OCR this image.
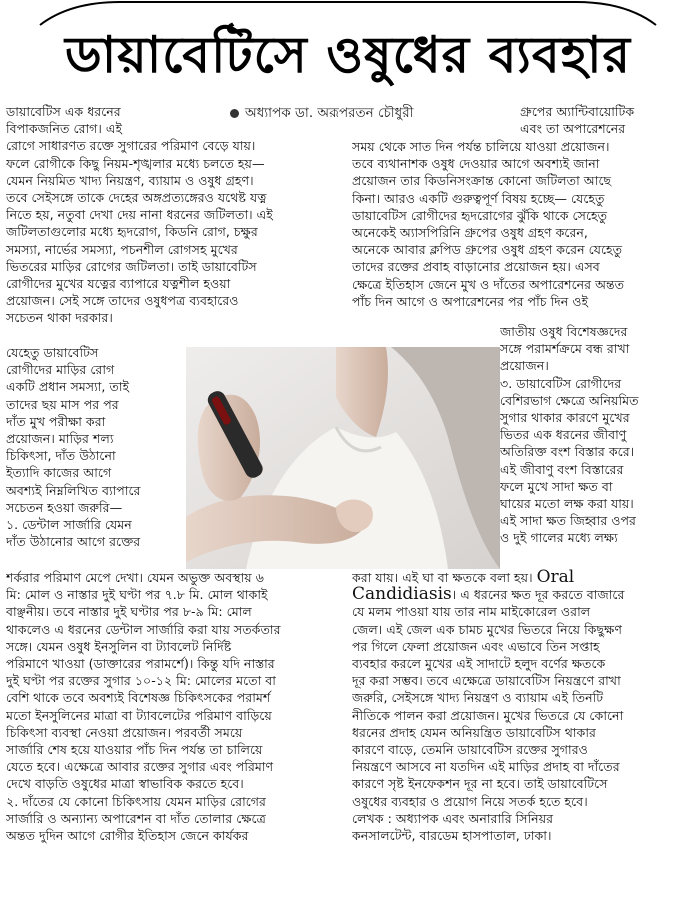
ডায়াবেটিসে ওষুধের ব্যবহার
অধ্যাপক ডা. অরূপরতন চৌধুরী
ডায়াবেটিস এক ধরনের
বিপাকজনিত রোগ। এই
রোগে সাধারণত রক্তে সুগারের পরিমাণ বেড়ে যায়।
ফলে রোগীকে কিছু নিয়ম-শৃঙ্খলার মধ্যে চলতে হয়—
যেমন নিয়মিত খাদ্য নিয়ন্ত্রণ, ব্যায়াম ও ওষুধ গ্রহণ।
তবে সেইসঙ্গে তাকে দেহের অঙ্গপ্রত্যঙ্গেরও যথেষ্ট যত্ন
নিতে হয়, নতুবা দেখা দেয় নানা ধরনের জটিলতা। এই
জটিলতাগুলোর মধ্যে হৃদরোগ, কিডনি রোগ, চক্ষুর
সমস্যা, নার্ভের সমস্যা, পচনশীল রোগসহ মুখের
ভিতরের মাড়ির রোগের জটিলতা। তাই ডায়াবেটিস
রোগীদের মুখের যত্নের ব্যাপারে যত্নশীল হওয়া
প্রয়োজন। সেই সঙ্গে তাদের ওষুধপত্র ব্যবহারেও
সচেতন থাকা দরকার।
যেহেতু ডায়াবেটিস
রোগীদের মাড়ির রোগ
একটি প্রধান সমস্যা, তাই
তাদের ছয় মাস পর পর
দাঁত মুখ পরীক্ষা করা
প্রয়োজন। মাড়ির শল্য
চিকিৎসা, দাঁত উঠানো
ইত্যাদি কাজের আগে
অবশ্যই নিম্নলিখিত ব্যাপারে
সচেতন হওয়া জরুরি—
১. ডেন্টাল সার্জারি যেমন
দাঁত উঠানোর আগে রক্তের
শর্করার পরিমাণ মেপে দেখা। যেমন অভুক্ত অবস্থায় ৬
মি: মোল ও নাস্তার দুই ঘণ্টা পর ৭.৮ মি. মোল থাকাই
বাঞ্ছনীয়। তবে নাস্তার দুই ঘণ্টার পর ৮-৯ মি: মোল
থাকলেও এ ধরনের ডেন্টাল সার্জারি করা যায় সতর্কতার
সঙ্গে। যেমন ওষুধ ইনসুলিন বা ট্যাবলেট নির্দিষ্ট
পরিমাণে খাওয়া (ডাক্তারের পরামর্শে)। কিন্তু যদি নাস্তার
দুই ঘণ্টা পর রক্তের সুগার ১০-১২ মি: মোলের মতো বা
বেশি থাকে তবে অবশ্যই বিশেষজ্ঞ চিকিৎসকের পরামর্শ
মতো ইনসুলিনের মাত্রা বা ট্যাবলেটের পরিমাণ বাড়িয়ে
চিকিৎসা ব্যবস্থা নেওয়া প্রয়োজন। পরবর্তী সময়ে
সার্জারি শেষ হয়ে যাওয়ার পাঁচ দিন পর্যন্ত তা চালিয়ে
যেতে হবে। এক্ষেত্রে আবার রক্তের সুগার এবং পরিমাণ
দেখে বাড়তি ওষুধের মাত্রা স্বাভাবিক করতে হবে।
২. দাঁতের যে কোনো চিকিৎসায় যেমন মাড়ির রোগের
সার্জারি ও অন্যান্য অপারেশন বা দাঁত তোলার ক্ষেত্রে
অন্তত দুদিন আগে রোগীর ইতিহাস জেনে কার্যকর
গ্রুপের অ্যান্টিবায়োটিক
এবং তা অপারেশনের
সময় থেকে সাত দিন পর্যন্ত চালিয়ে যাওয়া প্রয়োজন।
তবে ব্যথানাশক ওষুধ দেওয়ার আগে অবশ্যই জানা
প্রয়োজন তার কিডনিসংক্রান্ত কোনো জটিলতা আছে
কিনা। আরও একটি গুরুত্বপূর্ণ বিষয় হচ্ছে— যেহেতু
ডায়াবেটিস রোগীদের হৃদরোগের ঝুঁকি থাকে সেহেতু
অনেকেই অ্যাসপিরিনি গ্রুপের ওষুধ গ্রহণ করেন,
অনেকে আবার ক্লপিড গ্রুপের ওষুধ গ্রহণ করেন যেহেতু
তাদের রক্তের প্রবাহ বাড়ানোর প্রয়োজন হয়। এসব
ক্ষেত্রে ইতিহাস জেনে মুখ ও দাঁতের অপারেশনের অন্তত
পাঁচ দিন আগে ও অপারেশনের পর পাঁচ দিন ওই
জাতীয় ওষুধ বিশেষজ্ঞদের
সঙ্গে পরামর্শক্রমে বন্ধ রাখা
প্রয়োজন।
৩. ডায়াবেটিস রোগীদের
বেশিরভাগ ক্ষেত্রে অনিয়মিত
সুগার থাকার কারণে মুখের
ভিতর এক ধরনের জীবাণু
অতিরিক্ত বংশ বিস্তার করে।
এই জীবাণু বংশ বিস্তারের
ফলে মুখে সাদা ক্ষত বা
ঘায়ের মতো লক্ষ করা যায়।
এই সাদা ক্ষত জিহ্বার ওপর
ও দুই গালের মধ্যে লক্ষ্য
করা যায়। এই ঘা বা ক্ষতকে বলা হয়। Oral
Candidiasis। এ ধরনের ক্ষত দূর করতে বাজারে
যে মলম পাওয়া যায় তার নাম মাইকোরেল ওরাল
জেল। এই জেল এক চামচ মুখের ভিতরে নিয়ে কিছুক্ষণ
পর গিলে ফেলা প্রয়োজন এবং এভাবে তিন সপ্তাহ
ব্যবহার করলে মুখের এই সাদাটে হলুদ বর্ণের ক্ষতকে
দূর করা সম্ভব। তবে এক্ষেত্রে ডায়াবেটিস নিয়ন্ত্রণে রাখা
জরুরি, সেইসঙ্গে খাদ্য নিয়ন্ত্রণ ও ব্যায়াম এই তিনটি
নীতিকে পালন করা প্রয়োজন। মুখের ভিতরে যে কোনো
ধরনের প্রদাহ যেমন অনিয়ন্ত্রিত ডায়াবেটিস থাকার
কারণে বাড়ে, তেমনি ডায়াবেটিস রক্তের সুগারও
নিয়ন্ত্রণে আসবে না যতদিন এই মাড়ির প্রদাহ বা দাঁতের
কারণে সৃষ্ট ইনফেকশন দূর না হবে। তাই ডায়াবেটিসে
ওষুধের ব্যবহার ও প্রয়োগ নিয়ে সতর্ক হতে হবে।
লেখক : অধ্যাপক এবং অনারারি সিনিয়র
কনসালটেন্ট, বারডেম হাসপাতাল, ঢাকা।
